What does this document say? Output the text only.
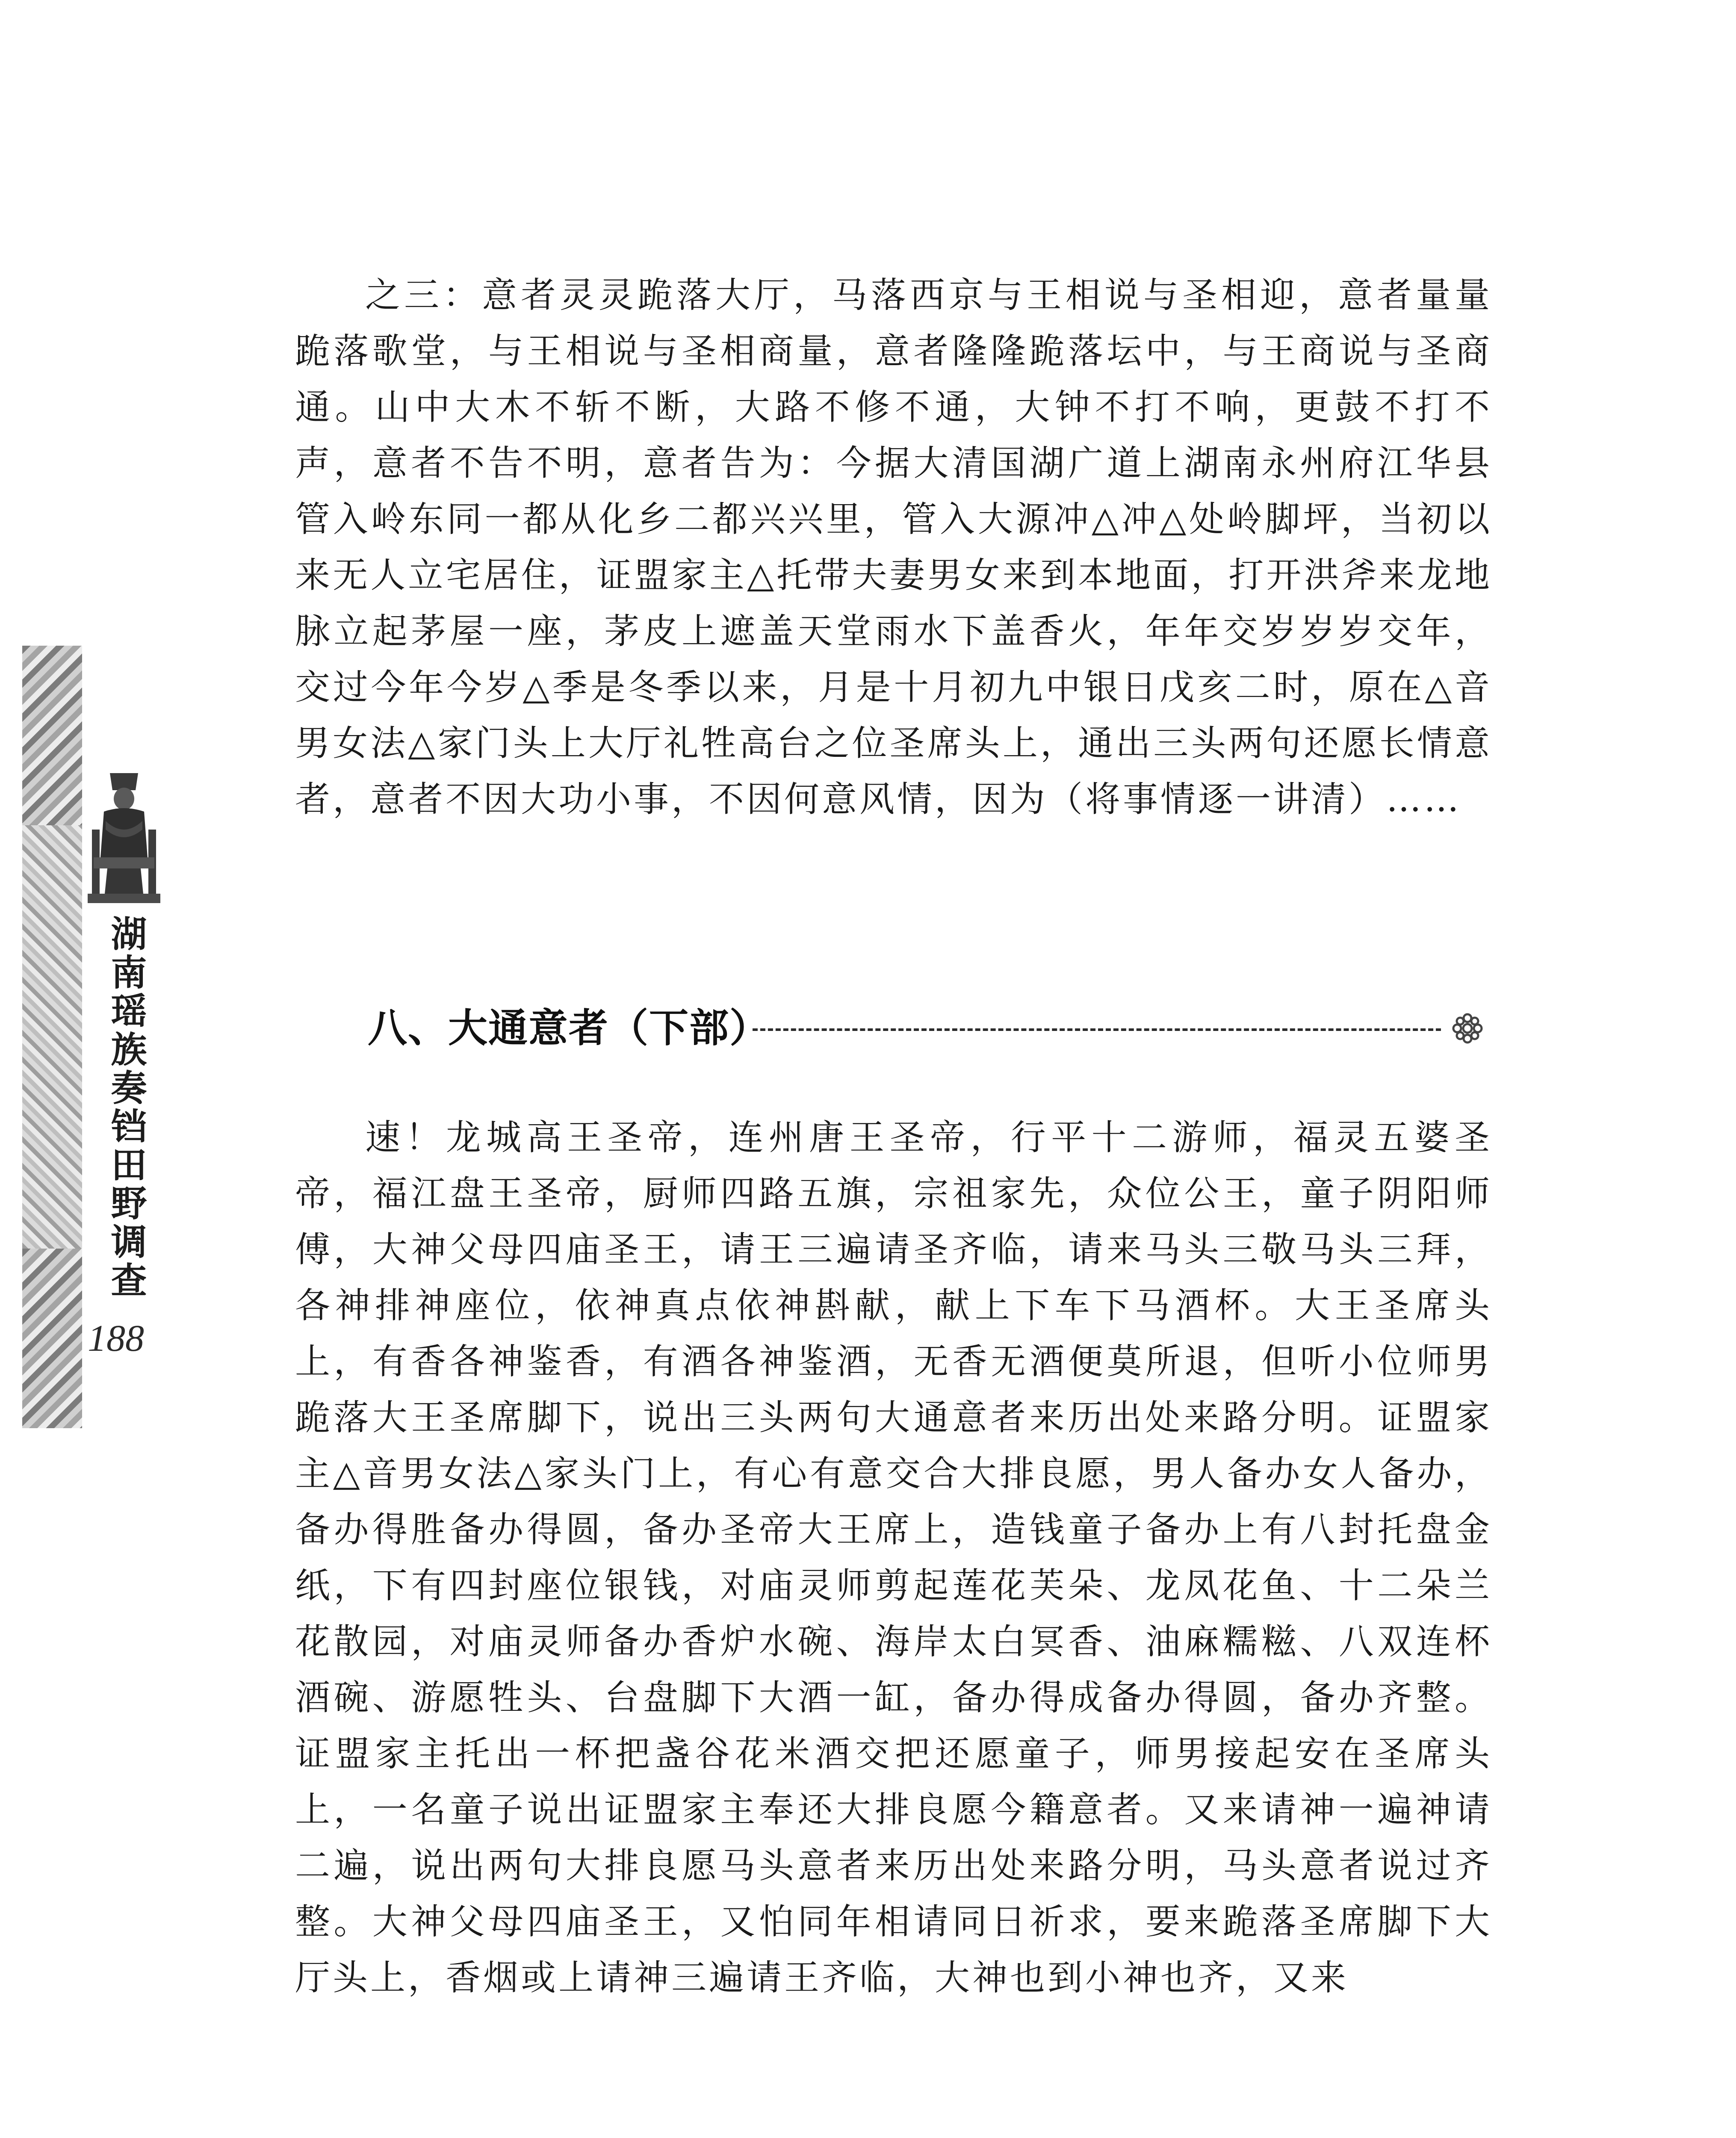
湖南瑶族奏铛田野调查
188
之三：意者灵灵跪落大厅，马落西京与王相说与圣相迎，意者量量跪落歌堂，与王相说与圣相商量，意者隆隆跪落坛中，与王商说与圣商通。山中大木不斩不断，大路不修不通，大钟不打不响，更鼓不打不声，意者不告不明，意者告为：今据大清国湖广道上湖南永州府江华县管入岭东同一都从化乡二都兴兴里，管入大源冲△冲△处岭脚坪，当初以来无人立宅居住，证盟家主△托带夫妻男女来到本地面，打开洪斧来龙地脉立起茅屋一座，茅皮上遮盖天堂雨水下盖香火，年年交岁岁岁交年，交过今年今岁△季是冬季以来，月是十月初九中银日戊亥二时，原在△音男女法△家门头上大厅礼牲高台之位圣席头上，通出三头两句还愿长情意者，意者不因大功小事，不因何意风情，因为（将事情逐一讲清）……
八、大通意者（下部）
速！龙城高王圣帝，连州唐王圣帝，行平十二游师，福灵五婆圣帝，福江盘王圣帝，厨师四路五旗，宗祖家先，众位公王，童子阴阳师傅，大神父母四庙圣王，请王三遍请圣齐临，请来马头三敬马头三拜，各神排神座位，依神真点依神斟献，献上下车下马酒杯。大王圣席头上，有香各神鉴香，有酒各神鉴酒，无香无酒便莫所退，但听小位师男跪落大王圣席脚下，说出三头两句大通意者来历出处来路分明。证盟家主△音男女法△家头门上，有心有意交合大排良愿，男人备办女人备办，备办得胜备办得圆，备办圣帝大王席上，造钱童子备办上有八封托盘金纸，下有四封座位银钱，对庙灵师剪起莲花芙朵、龙凤花鱼、十二朵兰花散园，对庙灵师备办香炉水碗、海岸太白冥香、油麻糯糍、八双连杯酒碗、游愿牲头、台盘脚下大酒一缸，备办得成备办得圆，备办齐整。证盟家主托出一杯把盏谷花米酒交把还愿童子，师男接起安在圣席头上，一名童子说出证盟家主奉还大排良愿今籍意者。又来请神一遍神请二遍，说出两句大排良愿马头意者来历出处来路分明，马头意者说过齐整。大神父母四庙圣王，又怕同年相请同日祈求，要来跪落圣席脚下大厅头上，香烟或上请神三遍请王齐临，大神也到小神也齐，又来
